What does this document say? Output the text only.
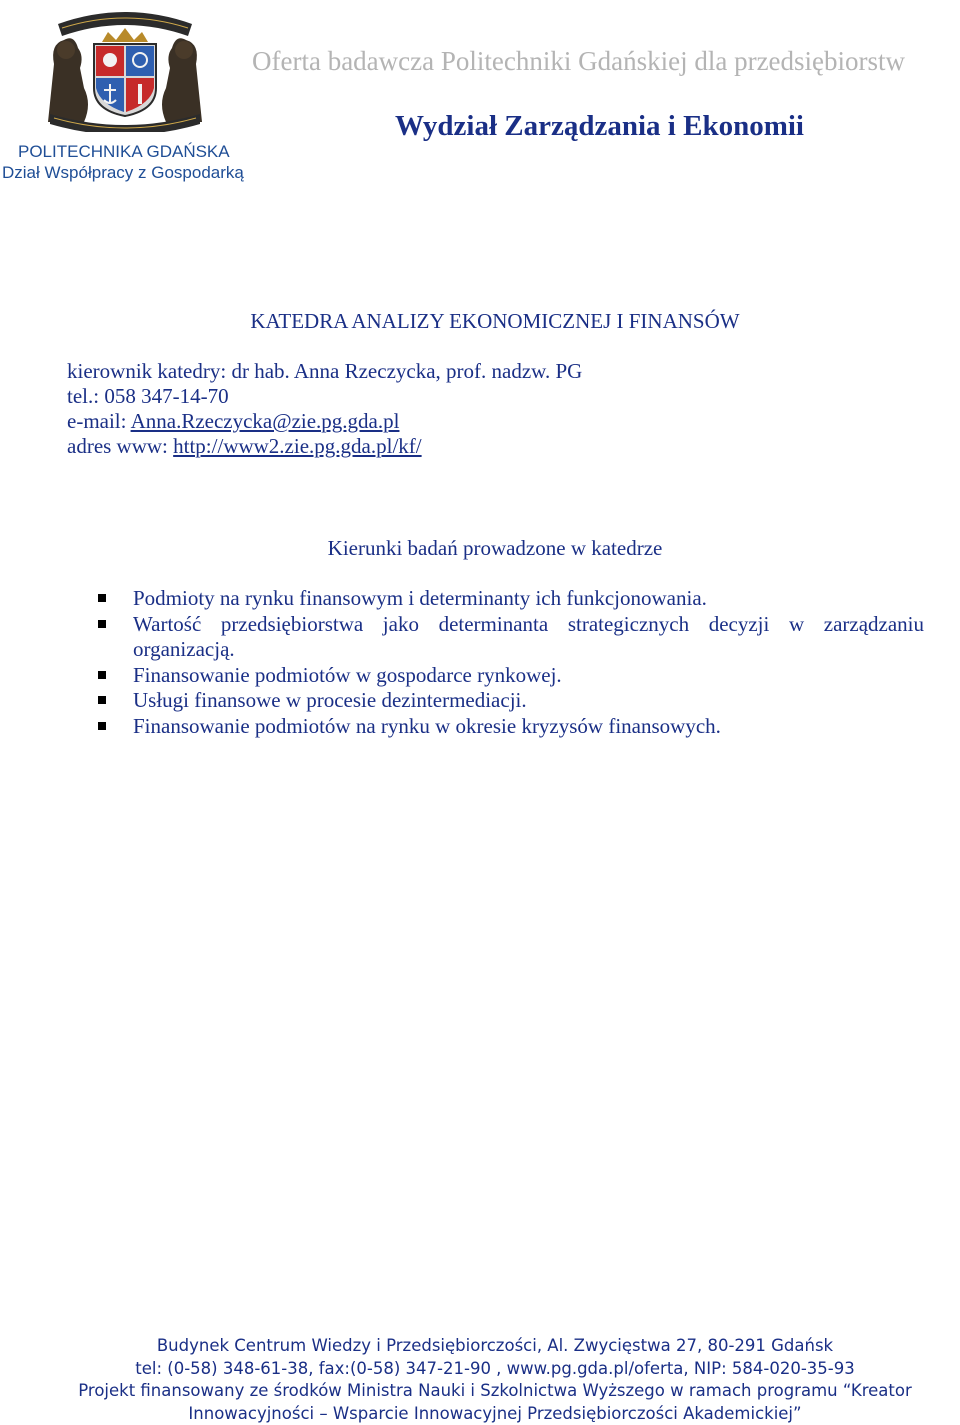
POLITECHNIKA GDAŃSKA
Dział Współpracy z Gospodarką
Oferta badawcza Politechniki Gdańskiej dla przedsiębiorstw
Wydział Zarządzania i Ekonomii
KATEDRA ANALIZY EKONOMICZNEJ I FINANSÓW
kierownik katedry: dr hab. Anna Rzeczycka, prof. nadzw. PG
tel.: 058 347-14-70
e-mail: Anna.Rzeczycka@zie.pg.gda.pl
adres www: http://www2.zie.pg.gda.pl/kf/
Kierunki badań prowadzone w katedrze
Podmioty na rynku finansowym i determinanty ich funkcjonowania.
Wartość przedsiębiorstwa jako determinanta strategicznych decyzji w zarządzaniu
organizacją.
Finansowanie podmiotów w gospodarce rynkowej.
Usługi finansowe w procesie dezintermediacji.
Finansowanie podmiotów na rynku w okresie kryzysów finansowych.
Budynek Centrum Wiedzy i Przedsiębiorczości, Al. Zwycięstwa 27, 80-291 Gdańsk
tel: (0-58) 348-61-38, fax:(0-58) 347-21-90 , www.pg.gda.pl/oferta, NIP: 584-020-35-93
Projekt finansowany ze środków Ministra Nauki i Szkolnictwa Wyższego w ramach programu “Kreator
Innowacyjności – Wsparcie Innowacyjnej Przedsiębiorczości Akademickiej”
